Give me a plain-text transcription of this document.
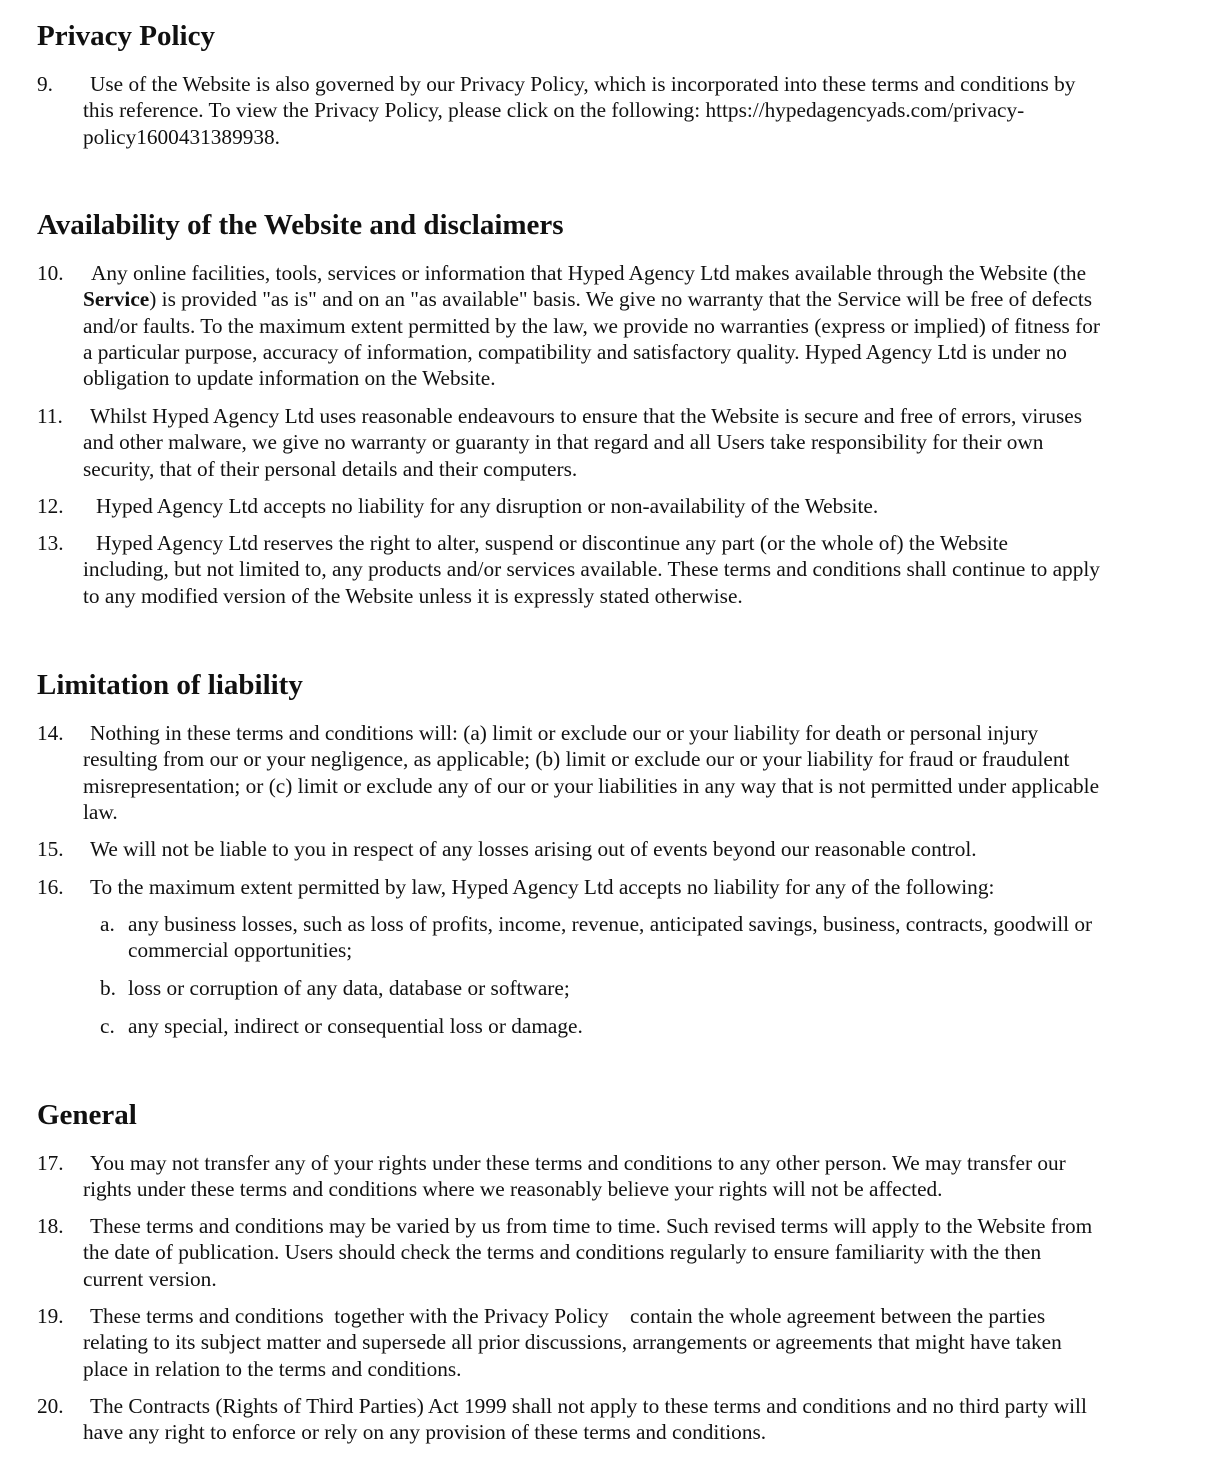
Privacy Policy
9.	Use of the Website is also governed by our Privacy Policy, which is incorporated into these terms and conditions by
this reference. To view the Privacy Policy, please click on the following: https://hypedagencyads.com/privacy-
policy1600431389938.
Availability of the Website and disclaimers
10.	Any online facilities, tools, services or information that Hyped Agency Ltd makes available through the Website (the
Service) is provided "as is" and on an "as available" basis. We give no warranty that the Service will be free of defects
and/or faults. To the maximum extent permitted by the law, we provide no warranties (express or implied) of fitness for
a particular purpose, accuracy of information, compatibility and satisfactory quality. Hyped Agency Ltd is under no
obligation to update information on the Website.
11.	Whilst Hyped Agency Ltd uses reasonable endeavours to ensure that the Website is secure and free of errors, viruses
and other malware, we give no warranty or guaranty in that regard and all Users take responsibility for their own
security, that of their personal details and their computers.
12.	Hyped Agency Ltd accepts no liability for any disruption or non-availability of the Website.
13.	Hyped Agency Ltd reserves the right to alter, suspend or discontinue any part (or the whole of) the Website
including, but not limited to, any products and/or services available. These terms and conditions shall continue to apply
to any modified version of the Website unless it is expressly stated otherwise.
Limitation of liability
14.	Nothing in these terms and conditions will: (a) limit or exclude our or your liability for death or personal injury
resulting from our or your negligence, as applicable; (b) limit or exclude our or your liability for fraud or fraudulent
misrepresentation; or (c) limit or exclude any of our or your liabilities in any way that is not permitted under applicable
law.
15.	We will not be liable to you in respect of any losses arising out of events beyond our reasonable control.
16.	To the maximum extent permitted by law, Hyped Agency Ltd accepts no liability for any of the following:
a. any business losses, such as loss of profits, income, revenue, anticipated savings, business, contracts, goodwill or
commercial opportunities;
b. loss or corruption of any data, database or software;
c. any special, indirect or consequential loss or damage.
General
17.	You may not transfer any of your rights under these terms and conditions to any other person. We may transfer our
rights under these terms and conditions where we reasonably believe your rights will not be affected.
18.	These terms and conditions may be varied by us from time to time. Such revised terms will apply to the Website from
the date of publication. Users should check the terms and conditions regularly to ensure familiarity with the then
current version.
19.	These terms and conditions  together with the Privacy Policy    contain the whole agreement between the parties
relating to its subject matter and supersede all prior discussions, arrangements or agreements that might have taken
place in relation to the terms and conditions.
20.	The Contracts (Rights of Third Parties) Act 1999 shall not apply to these terms and conditions and no third party will
have any right to enforce or rely on any provision of these terms and conditions.
